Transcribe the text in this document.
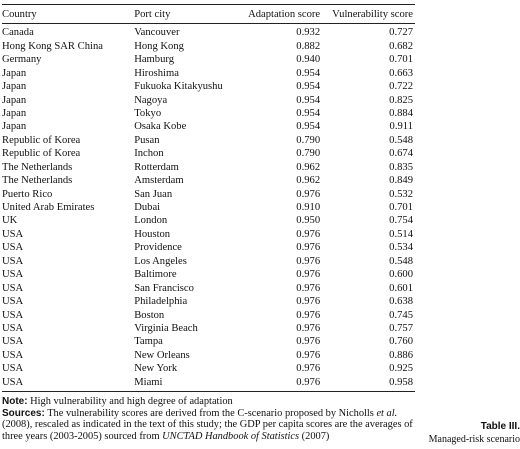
Country	Port city	Adaptation score	Vulnerability score
Canada	Vancouver	0.932	0.727
Hong Kong SAR China	Hong Kong	0.882	0.682
Germany	Hamburg	0.940	0.701
Japan	Hiroshima	0.954	0.663
Japan	Fukuoka Kitakyushu	0.954	0.722
Japan	Nagoya	0.954	0.825
Japan	Tokyo	0.954	0.884
Japan	Osaka Kobe	0.954	0.911
Republic of Korea	Pusan	0.790	0.548
Republic of Korea	Inchon	0.790	0.674
The Netherlands	Rotterdam	0.962	0.835
The Netherlands	Amsterdam	0.962	0.849
Puerto Rico	San Juan	0.976	0.532
United Arab Emirates	Dubai	0.910	0.701
UK	London	0.950	0.754
USA	Houston	0.976	0.514
USA	Providence	0.976	0.534
USA	Los Angeles	0.976	0.548
USA	Baltimore	0.976	0.600
USA	San Francisco	0.976	0.601
USA	Philadelphia	0.976	0.638
USA	Boston	0.976	0.745
USA	Virginia Beach	0.976	0.757
USA	Tampa	0.976	0.760
USA	New Orleans	0.976	0.886
USA	New York	0.976	0.925
USA	Miami	0.976	0.958

Note: High vulnerability and high degree of adaptation

Sources: The vulnerability scores are derived from the C-scenario proposed by Nicholls et al. (2008), rescaled as indicated in the text of this study; the GDP per capita scores are the averages of three years (2003-2005) sourced from UNCTAD Handbook of Statistics (2007)

Table III.
Managed-risk scenario
